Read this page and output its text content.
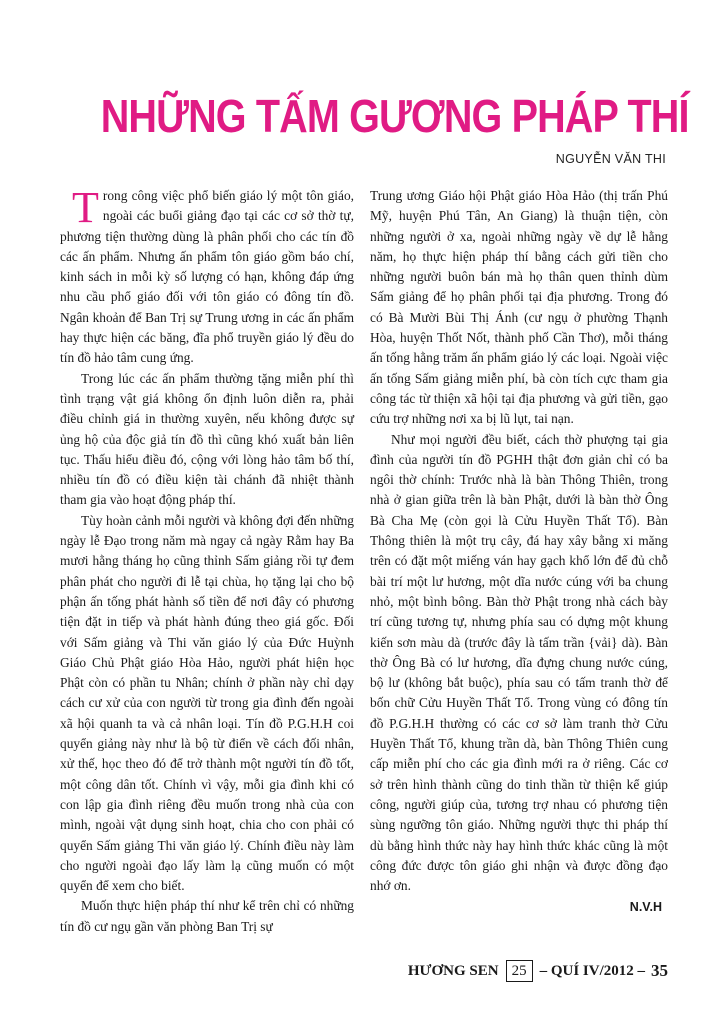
NHỮNG TẤM GƯƠNG PHÁP THÍ
NGUYỄN VĂN THI

Trong công việc phổ biến giáo lý một tôn giáo, ngoài các buổi giảng đạo tại các cơ sở thờ tự, phương tiện thường dùng là phân phối cho các tín đồ các ấn phẩm. Nhưng ấn phẩm tôn giáo gồm báo chí, kinh sách in mỗi kỳ số lượng có hạn, không đáp ứng nhu cầu phổ giáo đối với tôn giáo có đông tín đồ. Ngân khoản để Ban Trị sự Trung ương in các ấn phẩm hay thực hiện các băng, đĩa phổ truyền giáo lý đều do tín đồ hảo tâm cung ứng.

Trong lúc các ấn phẩm thường tặng miễn phí thì tình trạng vật giá không ổn định luôn diễn ra, phải điều chỉnh giá in thường xuyên, nếu không được sự ủng hộ của độc giả tín đồ thì cũng khó xuất bản liên tục. Thấu hiểu điều đó, cộng với lòng hảo tâm bố thí, nhiều tín đồ có điều kiện tài chánh đã nhiệt thành tham gia vào hoạt động pháp thí.

Tùy hoàn cảnh mỗi người và không đợi đến những ngày lễ Đạo trong năm mà ngay cả ngày Rằm hay Ba mươi hằng tháng họ cũng thỉnh Sấm giảng rồi tự đem phân phát cho người đi lễ tại chùa, họ tặng lại cho bộ phận ấn tống phát hành số tiền để nơi đây có phương tiện đặt in tiếp và phát hành đúng theo giá gốc. Đối với Sấm giảng và Thi văn giáo lý của Đức Huỳnh Giáo Chủ Phật giáo Hòa Hảo, người phát hiện học Phật còn có phần tu Nhân; chính ở phần này chỉ dạy cách cư xử của con người từ trong gia đình đến ngoài xã hội quanh ta và cả nhân loại. Tín đồ P.G.H.H coi quyển giảng này như là bộ từ điển về cách đối nhân, xử thế, học theo đó để trở thành một người tín đồ tốt, một công dân tốt. Chính vì vậy, mỗi gia đình khi có con lập gia đình riêng đều muốn trong nhà của con mình, ngoài vật dụng sinh hoạt, chia cho con phải có quyển Sấm giảng Thi văn giáo lý. Chính điều này làm cho người ngoài đạo lấy làm lạ cũng muốn có một quyển để xem cho biết.

Muốn thực hiện pháp thí như kể trên chỉ có những tín đồ cư ngụ gần văn phòng Ban Trị sự

Trung ương Giáo hội Phật giáo Hòa Hảo (thị trấn Phú Mỹ, huyện Phú Tân, An Giang) là thuận tiện, còn những người ở xa, ngoài những ngày về dự lễ hằng năm, họ thực hiện pháp thí bằng cách gửi tiền cho những người buôn bán mà họ thân quen thỉnh dùm Sấm giảng để họ phân phối tại địa phương. Trong đó có Bà Mười Bùi Thị Ánh (cư ngụ ở phường Thạnh Hòa, huyện Thốt Nốt, thành phố Cần Thơ), mỗi tháng ấn tống hằng trăm ấn phẩm giáo lý các loại. Ngoài việc ấn tống Sấm giảng miễn phí, bà còn tích cực tham gia công tác từ thiện xã hội tại địa phương và gửi tiền, gạo cứu trợ những nơi xa bị lũ lụt, tai nạn.

Như mọi người đều biết, cách thờ phượng tại gia đình của người tín đồ PGHH thật đơn giản chỉ có ba ngôi thờ chính: Trước nhà là bàn Thông Thiên, trong nhà ở gian giữa trên là bàn Phật, dưới là bàn thờ Ông Bà Cha Mẹ (còn gọi là Cửu Huyền Thất Tổ). Bàn Thông thiên là một trụ cây, đá hay xây bằng xi măng trên có đặt một miếng ván hay gạch khổ lớn để đủ chỗ bài trí một lư hương, một dĩa nước cúng với ba chung nhỏ, một bình bông. Bàn thờ Phật trong nhà cách bày trí cũng tương tự, nhưng phía sau có dựng một khung kiến sơn màu dà (trước đây là tấm trần {vải} dà). Bàn thờ Ông Bà có lư hương, dĩa đựng chung nước cúng, bộ lư (không bắt buộc), phía sau có tấm tranh thờ để bốn chữ Cửu Huyền Thất Tổ. Trong vùng có đông tín đồ P.G.H.H thường có các cơ sở làm tranh thờ Cửu Huyền Thất Tổ, khung trần dà, bàn Thông Thiên cung cấp miễn phí cho các gia đình mới ra ở riêng. Các cơ sở trên hình thành cũng do tinh thần từ thiện kể giúp công, người giúp của, tương trợ nhau có phương tiện sùng ngưỡng tôn giáo. Những người thực thi pháp thí dù bằng hình thức này hay hình thức khác cũng là một công đức được tôn giáo ghi nhận và được đồng đạo nhớ ơn.

N.V.H
HƯƠNG SEN 25 – QUÍ IV/2012 – 35
